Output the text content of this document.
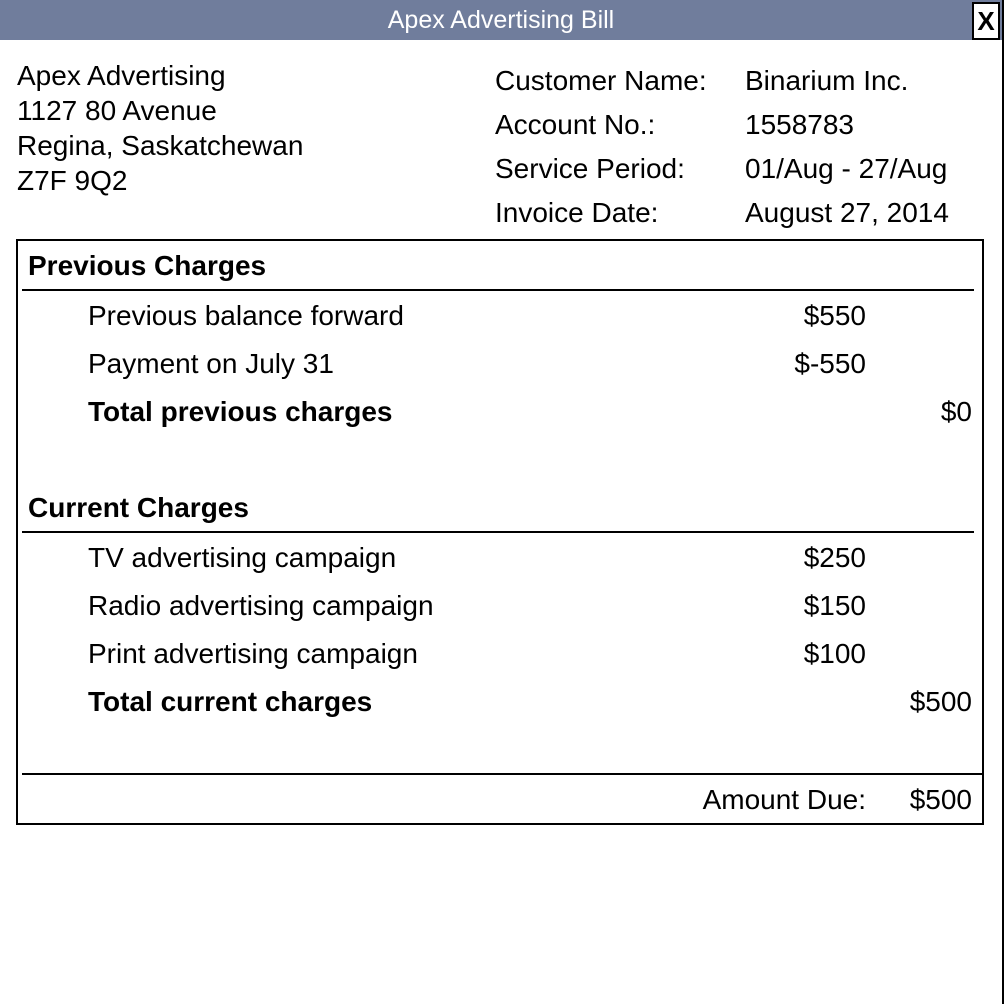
Apex Advertising Bill	X
Apex Advertising
1127 80 Avenue
Regina, Saskatchewan
Z7F 9Q2
Customer Name: Binarium Inc.
Account No.:	1558783
Service Period: 01/Aug - 27/Aug
Invoice Date:	August 27, 2014
Previous Charges
Previous balance forward	$550
Payment on July 31	$-550
Total previous charges	$0
Current Charges
TV advertising campaign	$250
Radio advertising campaign	$150
Print advertising campaign	$100
Total current charges	$500
Amount Due: $500
